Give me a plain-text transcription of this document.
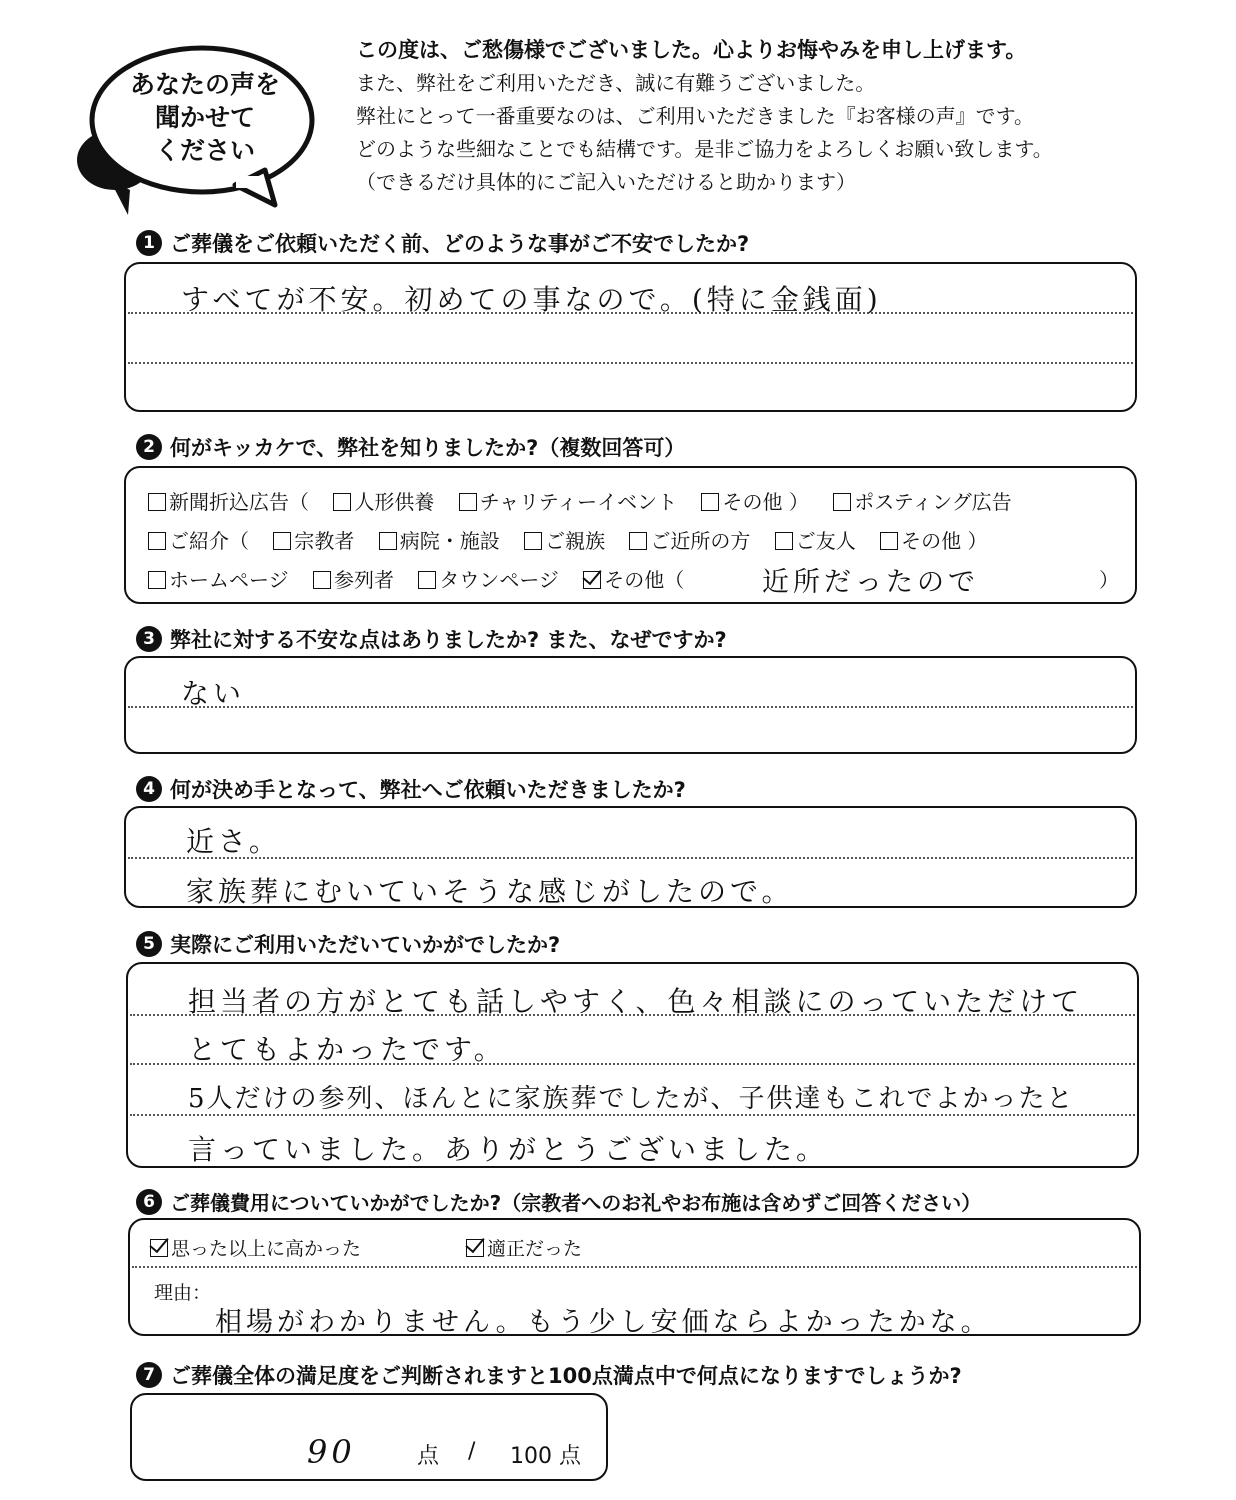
あなたの声を
聞かせて
ください
この度は、ご愁傷様でございました。心よりお悔やみを申し上げます。
また、弊社をご利用いただき、誠に有難うございました。
弊社にとって一番重要なのは、ご利用いただきました『お客様の声』です。
どのような些細なことでも結構です。是非ご協力をよろしくお願い致します。
（できるだけ具体的にご記入いただけると助かります）
1 ご葬儀をご依頼いただく前、どのような事がご不安でしたか?
すべてが不安。初めての事なので。(特に金銭面)
2 何がキッカケで、弊社を知りましたか?（複数回答可）
新聞折込広告（ 人形供養 チャリティーイベント その他 ） ポスティング広告
ご紹介（ 宗教者 病院・施設 ご親族 ご近所の方 ご友人 その他 ）
ホームページ 参列者 タウンページ その他（	近所だったので	）
3 弊社に対する不安な点はありましたか? また、なぜですか?
ない
4 何が決め手となって、弊社へご依頼いただきましたか?
近さ。
家族葬にむいていそうな感じがしたので。
5 実際にご利用いただいていかがでしたか?
担当者の方がとても話しやすく、色々相談にのっていただけて
とてもよかったです。
5人だけの参列、ほんとに家族葬でしたが、子供達もこれでよかったと
言っていました。ありがとうございました。
6 ご葬儀費用についていかがでしたか?（宗教者へのお礼やお布施は含めずご回答ください）
思った以上に高かった	適正だった
理由：
相場がわかりません。もう少し安価ならよかったかな。
7 ご葬儀全体の満足度をご判断されますと100点満点中で何点になりますでしょうか?
90	点 / 100 点
